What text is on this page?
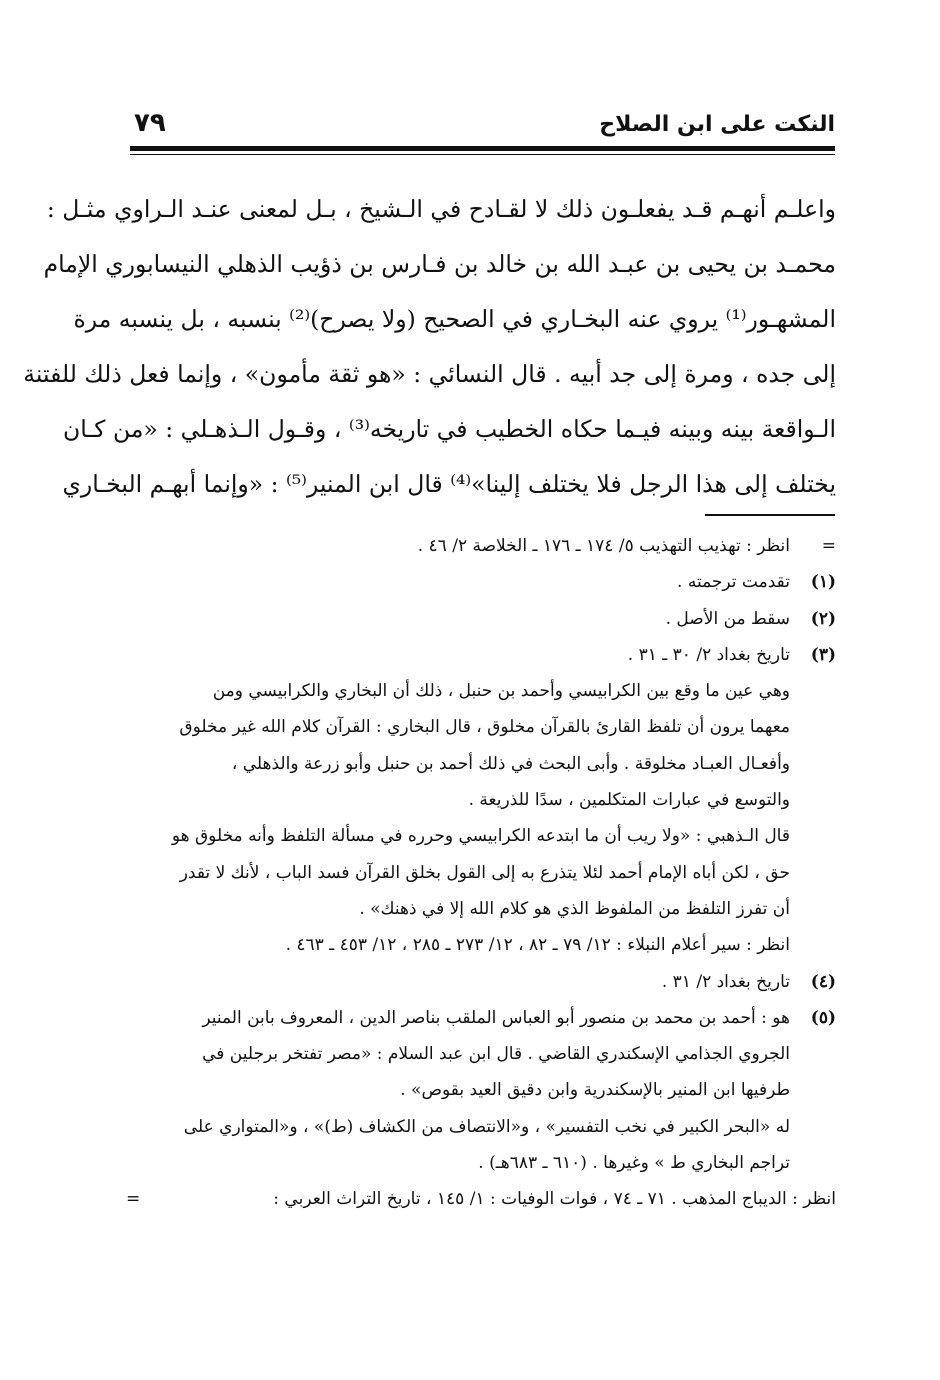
النكت على ابن الصلاح
٧٩
واعلـم أنهـم قـد يفعلـون ذلك لا لقـادح في الـشيخ ، بـل لمعنى عنـد الـراوي مثـل :
محمـد بن يحيى بن عبـد الله بن خالد بن فـارس بن ذؤيب الذهلي النيسابوري الإمام
المشهـور⁽¹⁾ يروي عنه البخـاري في الصحيح (ولا يصرح)⁽²⁾ بنسبه ، بل ينسبه مرة
إلى جده ، ومرة إلى جد أبيه . قال النسائي : «هو ثقة مأمون» ، وإنما فعل ذلك للفتنة
الـواقعة بينه وبينه فيـما حكاه الخطيب في تاريخه⁽³⁾ ، وقـول الـذهـلي : «من كـان
يختلف إلى هذا الرجل فلا يختلف إلينا»⁽⁴⁾ قال ابن المنير⁽⁵⁾ : «وإنما أبهـم البخـاري
=انظر : تهذيب التهذيب ٥/ ١٧٤ ـ ١٧٦ ـ الخلاصة ٢/ ٤٦ .
(١)تقدمت ترجمته .
(٢)سقط من الأصل .
(٣)تاريخ بغداد ٢/ ٣٠ ـ ٣١ .
وهي عين ما وقع بين الكرابيسي وأحمد بن حنبل ، ذلك أن البخاري والكرابيسي ومن
معهما يرون أن تلفظ القارئ بالقرآن مخلوق ، قال البخاري : القرآن كلام الله غير مخلوق
وأفعـال العبـاد مخلوقة . وأبى البحث في ذلك أحمد بن حنبل وأبو زرعة والذهلي ،
والتوسع في عبارات المتكلمين ، سدًا للذريعة .
قال الـذهبي : «ولا ريب أن ما ابتدعه الكرابيسي وحرره في مسألة التلفظ وأنه مخلوق هو
حق ، لكن أباه الإمام أحمد لئلا يتذرع به إلى القول بخلق القرآن فسد الباب ، لأنك لا تقدر
أن تفرز التلفظ من الملفوظ الذي هو كلام الله إلا في ذهنك» .
انظر : سير أعلام النبلاء : ١٢/ ٧٩ ـ ٨٢ ، ١٢/ ٢٧٣ ـ ٢٨٥ ، ١٢/ ٤٥٣ ـ ٤٦٣ .
(٤)تاريخ بغداد ٢/ ٣١ .
(٥)هو : أحمد بن محمد بن منصور أبو العباس الملقب بناصر الدين ، المعروف بابن المنير
الجروي الجذامي الإسكندري القاضي . قال ابن عبد السلام : «مصر تفتخر برجلين في
طرفيها ابن المنير بالإسكندرية وابن دقيق العيد بقوص» .
له «البحر الكبير في نخب التفسير» ، و«الانتصاف من الكشاف (ط)» ، و«المتواري على
تراجم البخاري ط » وغيرها . (٦١٠ ـ ٦٨٣هـ) .
انظر : الديباج المذهب . ٧١ ـ ٧٤ ، فوات الوفيات : ١/ ١٤٥ ، تاريخ التراث العربي :
=
